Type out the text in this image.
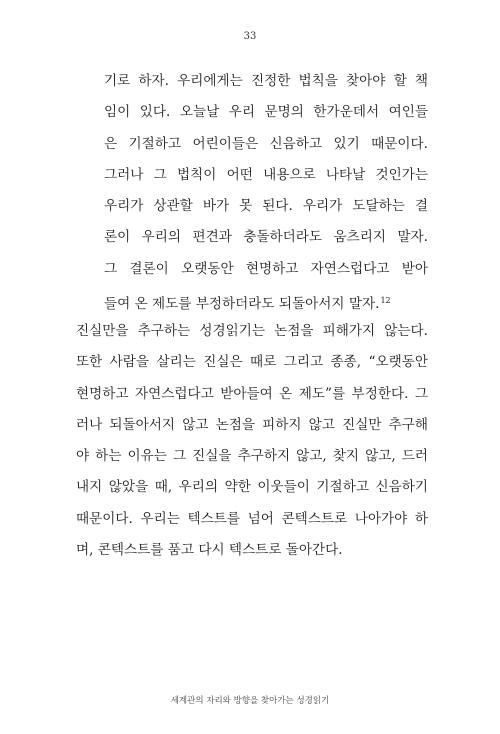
33
기로 하자. 우리에게는 진정한 법칙을 찾아야 할 책
임이 있다. 오늘날 우리 문명의 한가운데서 여인들
은 기절하고 어린이들은 신음하고 있기 때문이다.
그러나 그 법칙이 어떤 내용으로 나타날 것인가는
우리가 상관할 바가 못 된다. 우리가 도달하는 결
론이 우리의 편견과 충돌하더라도 움츠리지 말자.
그 결론이 오랫동안 현명하고 자연스럽다고 받아
들여 온 제도를 부정하더라도 되돌아서지 말자.$^{12}$
진실만을 추구하는 성경읽기는 논점을 피해가지 않는다.
또한 사람을 살리는 진실은 때로 그리고 종종, “오랫동안
현명하고 자연스럽다고 받아들여 온 제도”를 부정한다. 그
러나 되돌아서지 않고 논점을 피하지 않고 진실만 추구해
야 하는 이유는 그 진실을 추구하지 않고, 찾지 않고, 드러
내지 않았을 때, 우리의 약한 이웃들이 기절하고 신음하기
때문이다. 우리는 텍스트를 넘어 콘텍스트로 나아가야 하
며, 콘텍스트를 품고 다시 텍스트로 돌아간다.
세계관의 자리와 방향을 찾아가는 성경읽기
